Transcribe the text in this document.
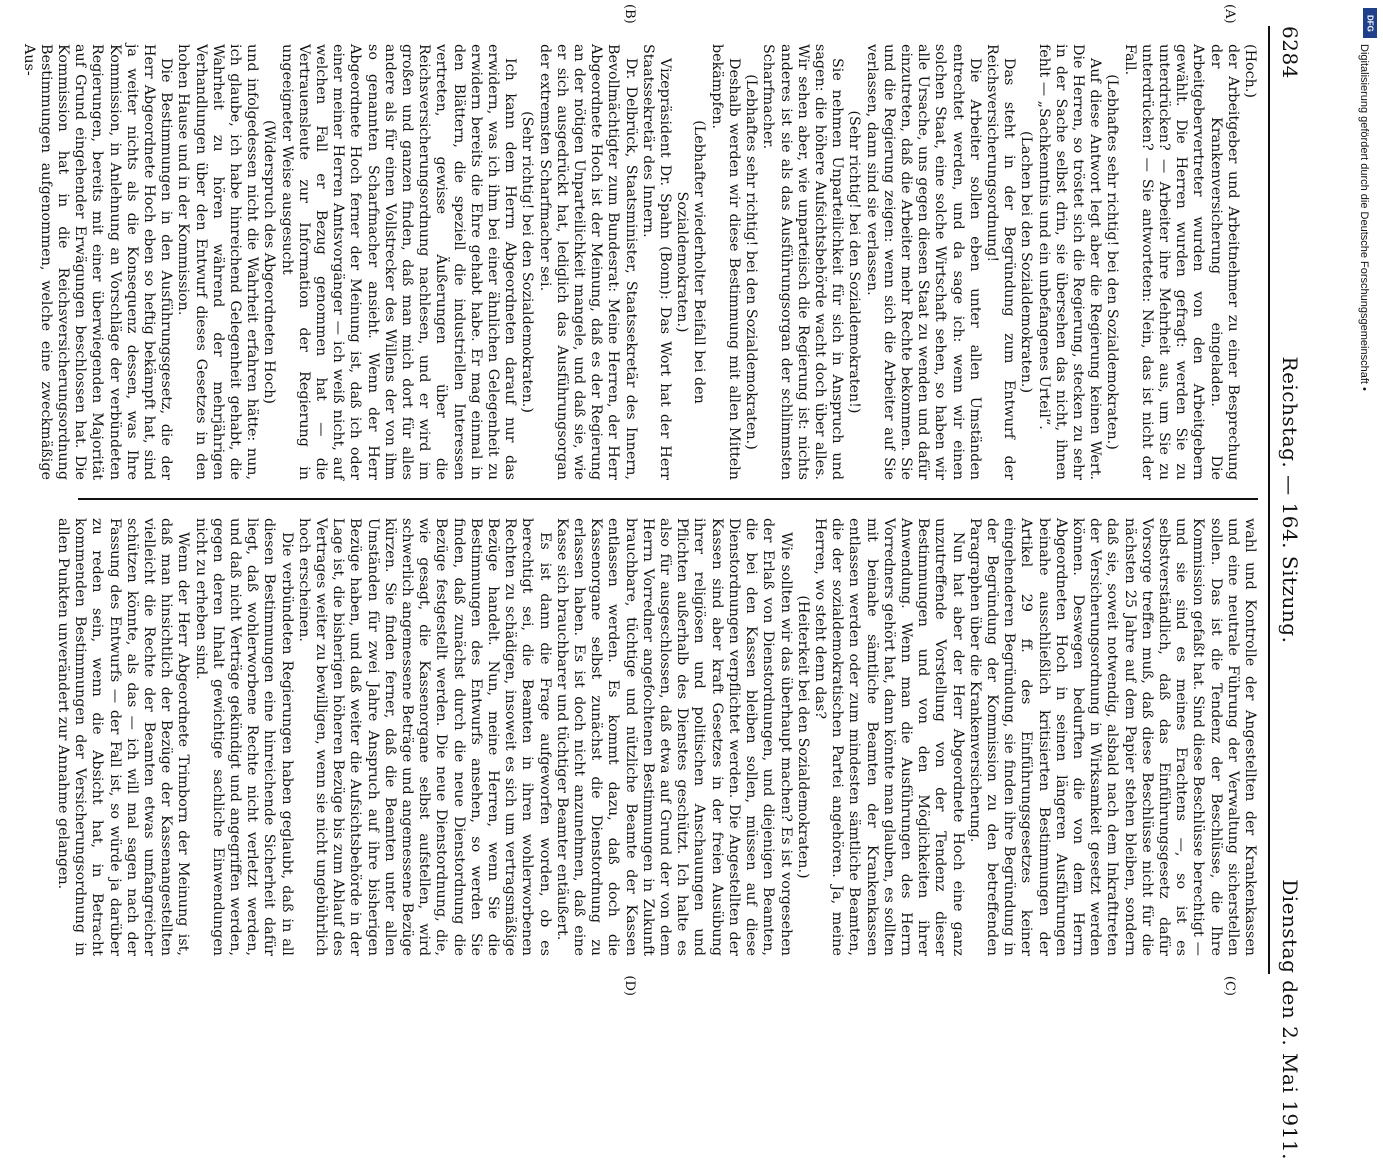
6284
Reichstag. — 164. Sitzung.
Dienstag den 2. Mai 1911.
(A)
(B)

(Hoch.)

der Arbeitgeber und Arbeitnehmer zu einer Besprechung der Krankenversicherung eingeladen. Die Arbeitgebervertreter wurden von den Arbeitgebern gewählt. Die Herren wurden gefragt: werden Sie zu unterdrücken? — Arbeiter ihre Mehrheit aus, um Sie zu unterdrücken? — Sie antworteten: Nein, das ist nicht der Fall.

(Lebhaftes sehr richtig! bei den Sozialdemokraten.)

Auf diese Antwort legt aber die Regierung keinen Wert. Die Herren, so tröstet sich die Regierung, stecken zu sehr in der Sache selbst drin, sie übersehen das nicht, ihnen fehlt — „Sachkenntnis und ein unbefangenes Urteil“.

(Lachen bei den Sozialdemokraten.)

Das steht in der Begründung zum Entwurf der Reichsversicherungsordnung!

Die Arbeiter sollen eben unter allen Umständen entrechtet werden, und da sage ich: wenn wir einen solchen Staat, eine solche Wirtschaft sehen, so haben wir alle Ursache, uns gegen diesen Staat zu wenden und dafür einzutreten, daß die Arbeiter mehr Rechte bekommen. Sie und die Regierung zeigen: wenn sich die Arbeiter auf Sie verlassen, dann sind sie verlassen.

(Sehr richtig! bei den Sozialdemokraten!)

Sie nehmen Unparteilichkeit für sich in Anspruch und sagen: die höhere Aufsichtsbehörde wacht doch über alles. Wir sehen aber, wie unparteiisch die Regierung ist: nichts anderes ist sie als das Ausführungsorgan der schlimmsten Scharfmacher.

(Lebhaftes sehr richtig! bei den Sozialdemokraten.)

Deshalb werden wir diese Bestimmung mit allen Mitteln bekämpfen.

(Lebhafter wiederholter Beifall bei den Sozialdemokraten.)

Vizepräsident Dr. Spahn (Bonn): Das Wort hat der Herr Staatssekretär des Innern.

Dr. Delbrück, Staatsminister, Staatssekretär des Innern, Bevollmächtigter zum Bundesrat: Meine Herren, der Herr Abgeordnete Hoch ist der Meinung, daß es der Regierung an der nötigen Unparteilichkeit mangele, und daß sie, wie er sich ausgedrückt hat, lediglich das Ausführungsorgan der extremsten Scharfmacher sei.

(Sehr richtig! bei den Sozialdemokraten.)

Ich kann dem Herrn Abgeordneten darauf nur das erwidern, was ich ihm bei einer ähnlichen Gelegenheit zu erwidern bereits die Ehre gehabt habe. Er mag einmal in den Blättern, die speziell die industriellen Interessen vertreten, gewisse Äußerungen über die Reichsversicherungsordnung nachlesen, und er wird im großen und ganzen finden, daß man mich dort für alles andere als für einen Vollstrecker des Willens der von ihm so genannten Scharfmacher ansieht. Wenn der Herr Abgeordnete Hoch ferner der Meinung ist, daß ich oder einer meiner Herren Amtsvorgänger — ich weiß nicht, auf welchen Fall er Bezug genommen hat — die Vertrauensleute zur Information der Regierung in ungeeigneter Weise ausgesucht

(Widerspruch des Abgeordneten Hoch)

und infolgedessen nicht die Wahrheit erfahren hätte: nun, ich glaube, ich habe hinreichend Gelegenheit gehabt, die Wahrheit zu hören während der mehrjährigen Verhandlungen über den Entwurf dieses Gesetzes in den hohen Hause und in der Kommission.

Die Bestimmungen in den Ausführungsgesetz, die der Herr Abgeordnete Hoch eben so heftig bekämpft hat, sind ja weiter nichts als die Konsequenz dessen, was Ihre Kommission, in Anlehnung an Vorschläge der verbündeten Regierungen, bereits mit einer überwiegenden Majorität auf Grund eingehender Erwägungen beschlossen hat. Die Kommission hat in die Reichsversicherungsordnung Bestimmungen aufgenommen, welche eine zweckmäßige Aus-

(C)
(D)

wahl und Kontrolle der Angestellten der Krankenkassen und eine neutrale Führung der Verwaltung sicherstellen sollen. Das ist die Tendenz der Beschlüsse, die Ihre Kommission gefaßt hat. Sind diese Beschlüsse berechtigt — und sie sind es meines Erachtens —, so ist es selbstverständlich, daß das Einführungsgesetz dafür Vorsorge treffen muß, daß diese Beschlüsse nicht für die nächsten 25 Jahre auf dem Papier stehen bleiben, sondern daß sie, soweit notwendig, alsbald nach dem Inkrafttreten der Versicherungsordnung in Wirksamkeit gesetzt werden können. Deswegen bedurften die von dem Herrn Abgeordneten Hoch in seinen längeren Ausführungen beinahe ausschließlich kritisierten Bestimmungen der Artikel 29 ff. des Einführungsgesetzes keiner eingehenderen Begründung, sie finden ihre Begründung in der Begründung der Kommission zu den betreffenden Paragraphen über die Krankenversicherung.

Nun hat aber der Herr Abgeordnete Hoch eine ganz unzutreffende Vorstellung von der Tendenz dieser Bestimmungen und von den Möglichkeiten ihrer Anwendung. Wenn man die Ausführungen des Herrn Vorredners gehört hat, dann könnte man glauben, es sollten mit beinahe sämtliche Beamten der Krankenkassen entlassen werden oder zum mindesten sämtliche Beamten, die der sozialdemokratischen Partei angehören. Ja, meine Herren, wo steht denn das?

(Heiterkeit bei den Sozialdemokraten.)

Wie sollten wir das überhaupt machen? Es ist vorgesehen der Erlaß von Dienstordnungen, und diejenigen Beamten, die bei den Kassen bleiben sollen, müssen auf diese Dienstordnungen verpflichtet werden. Die Angestellten der Kassen sind aber kraft Gesetzes in der freien Ausübung ihrer religiösen und politischen Anschauungen und Pflichten außerhalb des Dienstes geschützt. Ich halte es also für ausgeschlossen, daß etwa auf Grund der von dem Herrn Vorredner angefochtenen Bestimmungen in Zukunft brauchbare, tüchtige und nützliche Beamte der Kassen entlassen werden. Es kommt dazu, daß doch die Kassenorgane selbst zunächst die Dienstordnung zu erlassen haben. Es ist doch nicht anzunehmen, daß eine Kasse sich brauchbarer und tüchtiger Beamter entäußert.

Es ist dann die Frage aufgeworfen worden, ob es berechtigt sei, die Beamten in ihren wohlerworbenen Rechten zu schädigen, insoweit es sich um vertragsmäßige Bezüge handelt. Nun, meine Herren, wenn Sie die Bestimmungen des Entwurfs ansehen, so werden Sie finden, daß zunächst durch die neue Dienstordnung die Bezüge festgestellt werden. Die neue Dienstordnung, die, wie gesagt, die Kassenorgane selbst aufstellen, wird schwerlich angemessene Beträge und angemessene Bezüge kürzen. Sie finden ferner, daß die Beamten unter allen Umständen für zwei Jahre Anspruch auf ihre bisherigen Bezüge haben, und daß weiter die Aufsichtsbehörde in der Lage ist, die bisherigen höheren Bezüge bis zum Ablauf des Vertrages weiter zu bewilligen, wenn sie nicht ungebührlich hoch erscheinen.

Die verbündeten Regierungen haben geglaubt, daß in all diesen Bestimmungen eine hinreichende Sicherheit dafür liegt, daß wohlerworbene Rechte nicht verletzt werden, und daß nicht Verträge gekündigt und angegriffen werden, gegen deren Inhalt gewichtige sachliche Einwendungen nicht zu erheben sind.

Wenn der Herr Abgeordnete Trimborn der Meinung ist, daß man hinsichtlich der Bezüge der Kassenangestellten vielleicht die Rechte der Beamten etwas umfangreicher schützen könnte, als das — ich will mal sagen nach der Fassung des Entwurfs — der Fall ist, so würde ja darüber zu reden sein, wenn die Absicht hat, in Betracht kommenden Bestimmungen der Versicherungsordnung in allen Punkten unverändert zur Annahme gelangen.

DFG
Digitalisierung gefördert durch die Deutsche Forschungsgemeinschaft •
